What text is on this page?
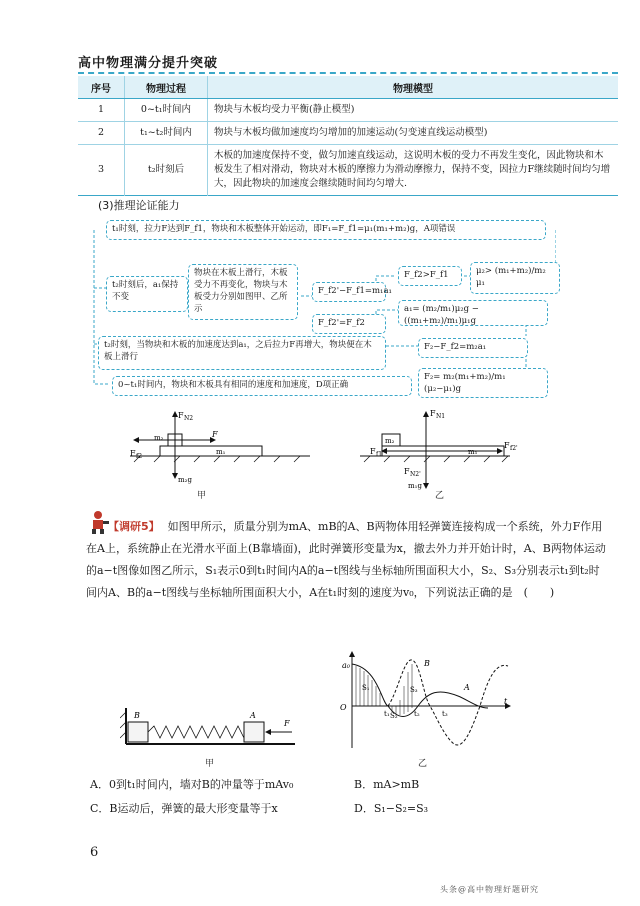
高中物理满分提升突破
序号	物理过程	物理模型
1	0~t₁时间内	物块与木板均受力平衡(静止模型)
2	t₁~t₂时间内	物块与木板均做加速度均匀增加的加速运动(匀变速直线运动模型)
3	t₂时刻后	木板的加速度保持不变，做匀加速直线运动，这说明木板的受力不再发生变化，因此物块和木板发生了相对滑动，物块对木板的摩擦力为滑动摩擦力，保持不变，因拉力F继续随时间均匀增大，因此物块的加速度会继续随时间均匀增大.
(3)推理论证能力
t₁时刻，拉力F达到F_f1，物块和木板整体开始运动，即F₁=F_f1=μ₁(m₁+m₂)g，A项错误
t₂时刻后，a₁保持不变
物块在木板上滑行，木板受力不再变化，物块与木板受力分别如图甲、乙所示
F_f2'−F_f1=m₁a₁
F_f2'=F_f2
F_f2>F_f1	μ₂> (m₁+m₂)/m₂ μ₁
a₁= (m₂/m₁)μ₂g − ((m₁+m₂)/m₁)μ₁g
t₂时刻，当物块和木板的加速度达到a₁，之后拉力F再增大，物块便在木板上滑行
F₂−F_f2=m₂a₁
0~t₁时间内，物块和木板具有相同的速度和加速度，D项正确
F₂= m₂(m₁+m₂)/m₁ (μ₂−μ₁)g
F N2
m₂	F
F f2
m₁
m₂g
F N1
m₂
m₁
F f1
F f2'
F N2'
m₁g
甲	乙
【调研5】 如图甲所示，质量分别为mA、mB的A、B两物体用轻弹簧连接构成一个系统，外力F作用在A上，系统静止在光滑水平面上(B靠墙面)，此时弹簧形变量为x，撤去外力并开始计时，A、B两物体运动的a−t图像如图乙所示，S₁表示0到t₁时间内A的a−t图线与坐标轴所围面积大小，S₂、S₃分别表示t₁到t₂时间内A、B的a−t图线与坐标轴所围面积大小，A在t₁时刻的速度为v₀，下列说法正确的是　(　　)
B	A
F
甲
O
t
a₀
S₁
S₂
S₃
B
A
t₁	t₂	t₃
乙
A．0到t₁时间内，墙对B的冲量等于mAv₀	B．mA>mB
C．B运动后，弹簧的最大形变量等于x	D．S₁−S₂=S₃
6
头条@高中物理好题研究
